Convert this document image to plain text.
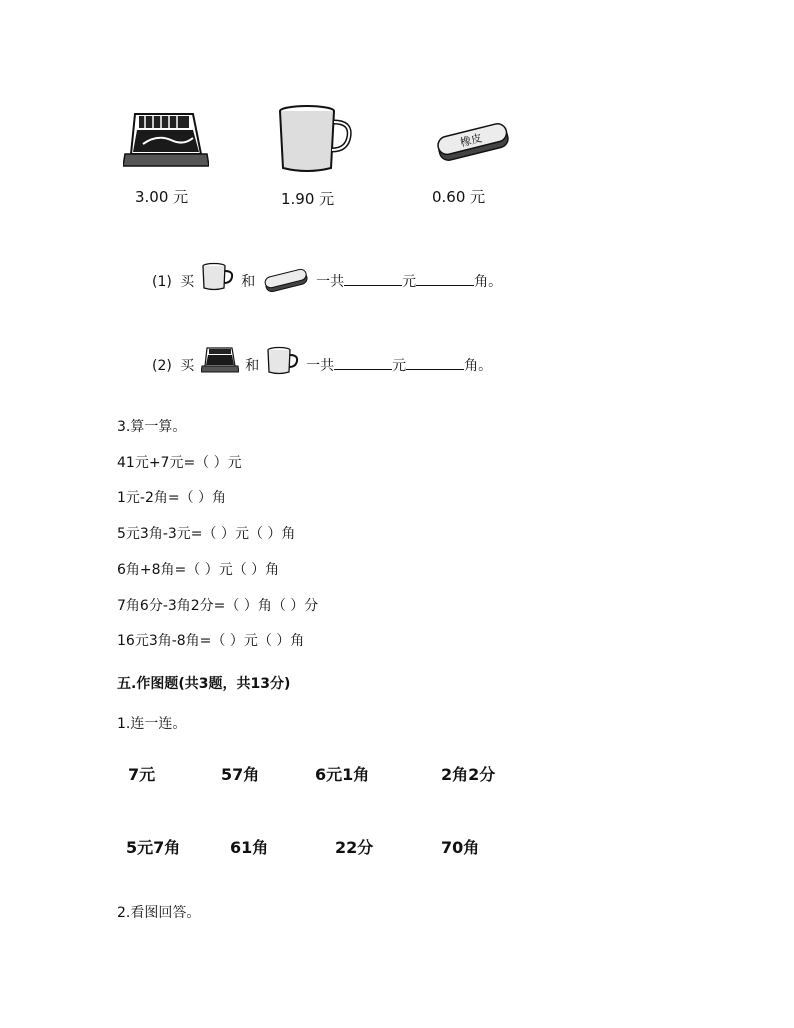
3.00 元	1.90 元
橡皮
0.60 元
(1) 买	和	一共	元	角。
(2) 买	和	一共	元	角。
3.算一算。
41元+7元=（ ）元
1元-2角=（ ）角
5元3角-3元=（ ）元（ ）角
6角+8角=（ ）元（ ）角
7角6分-3角2分=（ ）角（ ）分
16元3角-8角=（ ）元（ ）角
五.作图题(共3题，共13分)
1.连一连。
7元	57角	6元1角	2角2分
5元7角	61角	22分	70角
2.看图回答。
